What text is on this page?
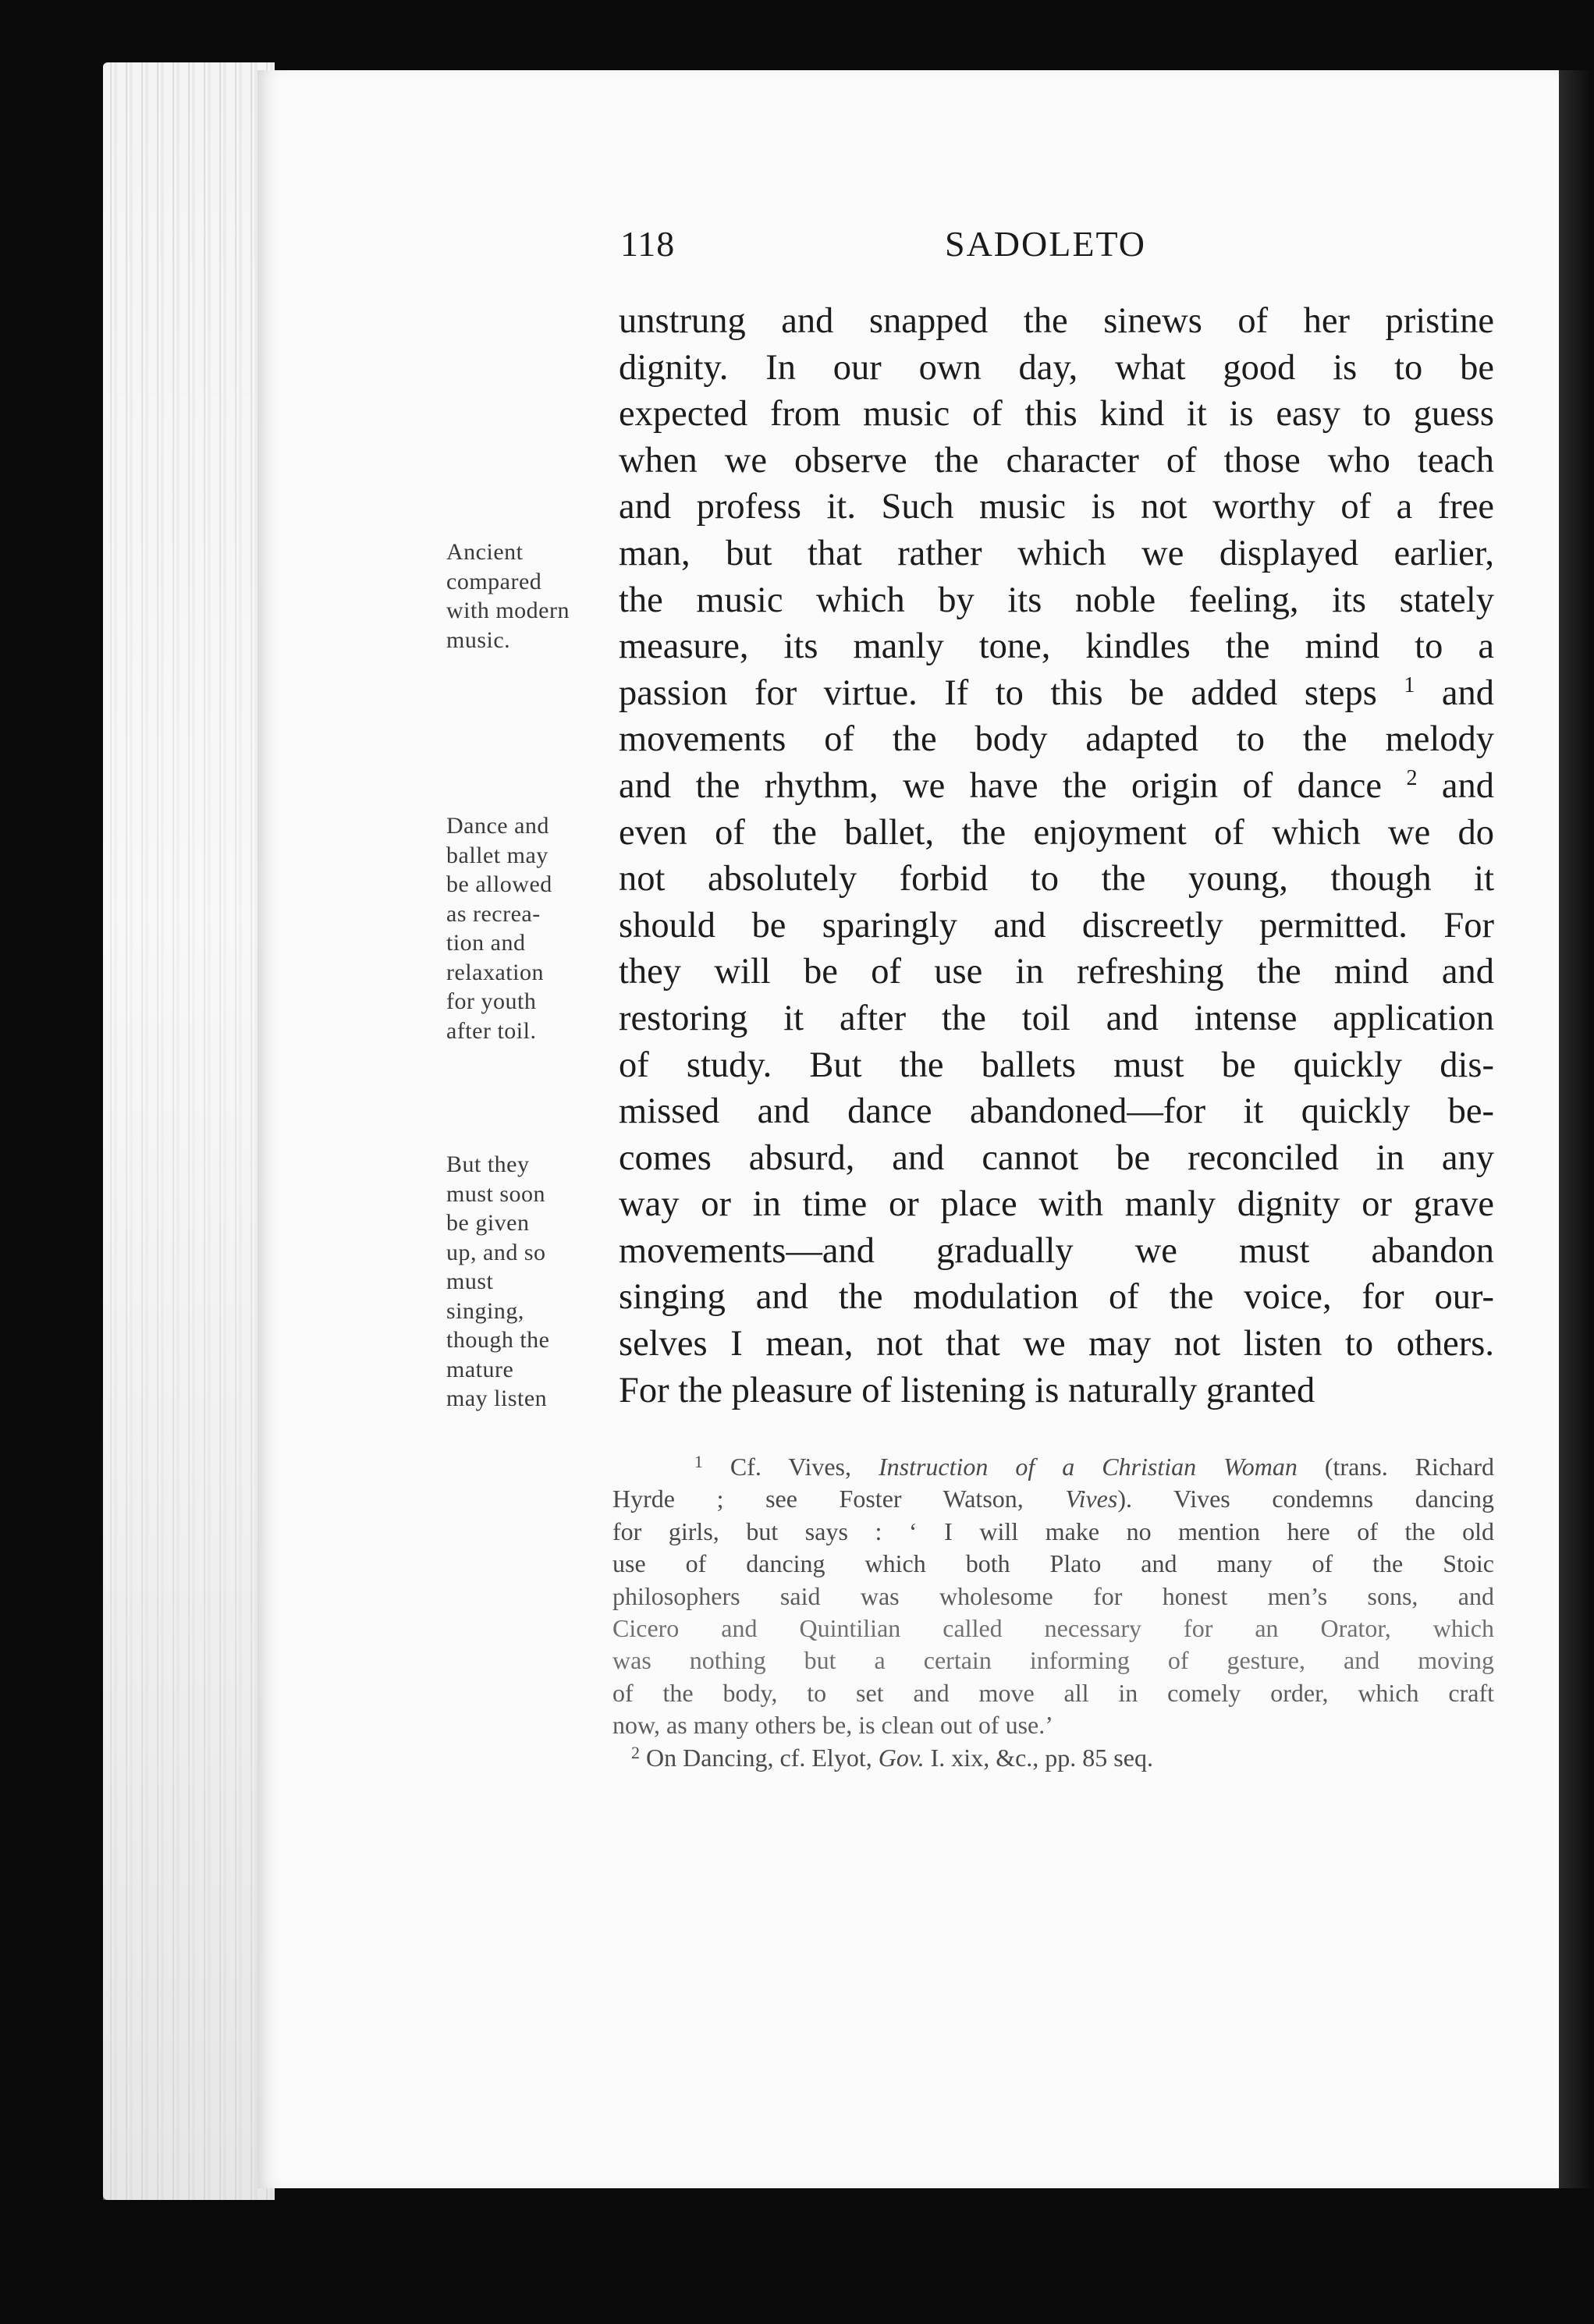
118	SADOLETO
unstrung and snapped the sinews of her pristine
dignity. In our own day, what good is to be
expected from music of this kind it is easy to guess
when we observe the character of those who teach
and profess it. Such music is not worthy of a free
man, but that rather which we displayed earlier,
the music which by its noble feeling, its stately
measure, its manly tone, kindles the mind to a
passion for virtue. If to this be added steps $^1$ and
movements of the body adapted to the melody
and the rhythm, we have the origin of dance $^2$ and
even of the ballet, the enjoyment of which we do
not absolutely forbid to the young, though it
should be sparingly and discreetly permitted. For
they will be of use in refreshing the mind and
restoring it after the toil and intense application
of study. But the ballets must be quickly dis-
missed and dance abandoned—for it quickly be-
comes absurd, and cannot be reconciled in any
way or in time or place with manly dignity or grave
movements—and gradually we must abandon
singing and the modulation of the voice, for our-
selves I mean, not that we may not listen to others.
For the pleasure of listening is naturally granted
Ancient
compared
with modern
music.
Dance and
ballet may
be allowed
as recrea-
tion and
relaxation
for youth
after toil.
But they
must soon
be given
up, and so
must
singing,
though the
mature
may listen
$^1$ Cf. Vives, Instruction of a Christian Woman (trans. Richard
Hyrde ; see Foster Watson, Vives). Vives condemns dancing
for girls, but says : ‘ I will make no mention here of the old
use of dancing which both Plato and many of the Stoic
philosophers said was wholesome for honest men’s sons, and
Cicero and Quintilian called necessary for an Orator, which
was nothing but a certain informing of gesture, and moving
of the body, to set and move all in comely order, which craft
now, as many others be, is clean out of use.’
$^2$ On Dancing, cf. Elyot, Gov. I. xix, &c., pp. 85 seq.
